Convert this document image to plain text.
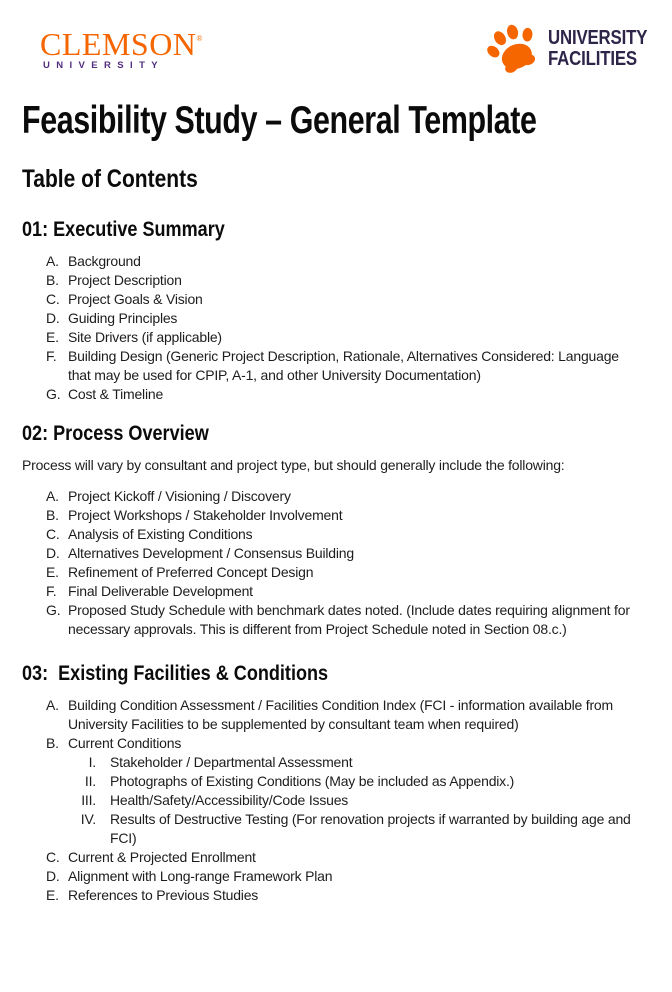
CLEMSON®
UNIVERSITY
UNIVERSITY
FACILITIES
Feasibility Study – General Template
Table of Contents
01: Executive Summary
A. Background
B. Project Description
C. Project Goals & Vision
D. Guiding Principles
E. Site Drivers (if applicable)
F. Building Design (Generic Project Description, Rationale, Alternatives Considered: Language that may be used for CPIP, A-1, and other University Documentation)
G. Cost & Timeline
02: Process Overview

Process will vary by consultant and project type, but should generally include the following:

A. Project Kickoff / Visioning / Discovery
B. Project Workshops / Stakeholder Involvement
C. Analysis of Existing Conditions
D. Alternatives Development / Consensus Building
E. Refinement of Preferred Concept Design
F. Final Deliverable Development
G. Proposed Study Schedule with benchmark dates noted. (Include dates requiring alignment for necessary approvals. This is different from Project Schedule noted in Section 08.c.)
03:  Existing Facilities & Conditions
A. Building Condition Assessment / Facilities Condition Index (FCI - information available from University Facilities to be supplemented by consultant team when required)
B. Current Conditions
I. Stakeholder / Departmental Assessment
II. Photographs of Existing Conditions (May be included as Appendix.)
III. Health/Safety/Accessibility/Code Issues
IV. Results of Destructive Testing (For renovation projects if warranted by building age and FCI)
C. Current & Projected Enrollment
D. Alignment with Long-range Framework Plan
E. References to Previous Studies
